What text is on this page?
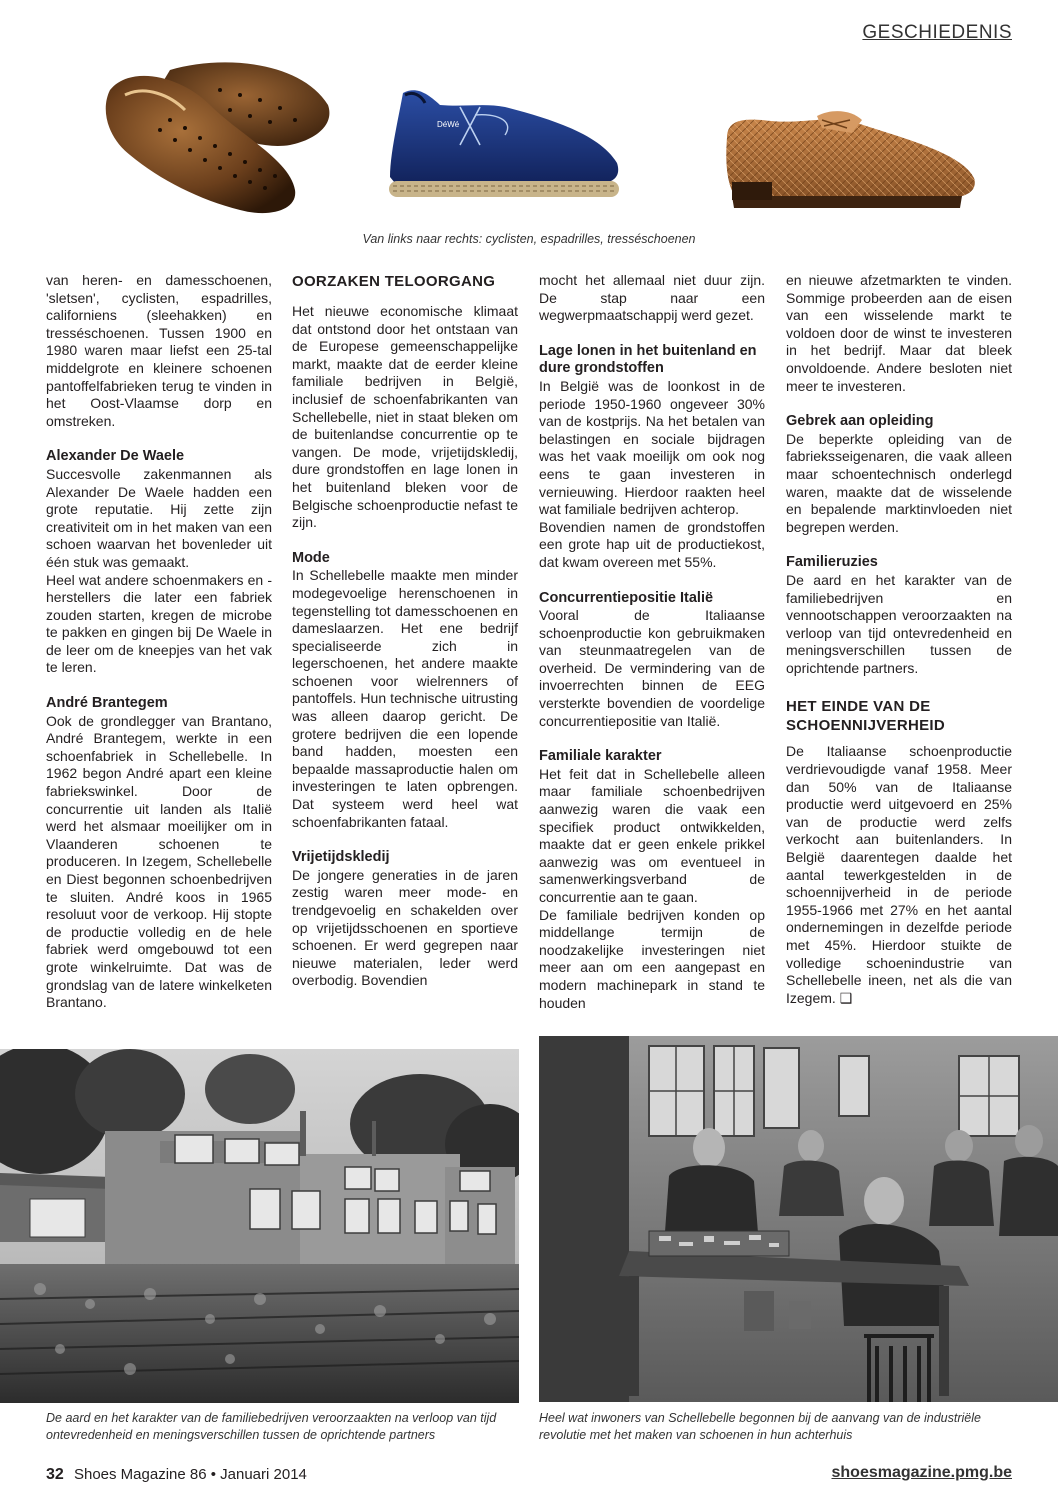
GESCHIEDENIS
DéWé
Van links naar rechts: cyclisten, espadrilles, tresséschoenen

van heren- en damesschoenen, 'sletsen', cyclisten, espadrilles, californiens (sleehakken) en tresséschoenen. Tussen 1900 en 1980 waren maar liefst een 25-tal middelgrote en kleinere schoenen pantoffelfabrieken terug te vinden in het Oost-Vlaamse dorp en omstreken.

Alexander De Waele

Succesvolle zakenmannen als Alexander De Waele hadden een grote reputatie. Hij zette zijn creativiteit om in het maken van een schoen waarvan het bovenleder uit één stuk was gemaakt.

Heel wat andere schoenmakers en -herstellers die later een fabriek zouden starten, kregen de microbe te pakken en gingen bij De Waele in de leer om de kneepjes van het vak te leren.

André Brantegem

Ook de grondlegger van Brantano, André Brantegem, werkte in een schoenfabriek in Schellebelle. In 1962 begon André apart een kleine fabriekswinkel. Door de concurrentie uit landen als Italië werd het alsmaar moeilijker om in Vlaanderen schoenen te produceren. In Izegem, Schellebelle en Diest begonnen schoenbedrijven te sluiten. André koos in 1965 resoluut voor de verkoop. Hij stopte de productie volledig en de hele fabriek werd omgebouwd tot een grote winkelruimte. Dat was de grondslag van de latere winkelketen Brantano.

OORZAKEN TELOORGANG

Het nieuwe economische klimaat dat ontstond door het ontstaan van de Europese gemeenschappelijke markt, maakte dat de eerder kleine familiale bedrijven in België, inclusief de schoenfabrikanten van Schellebelle, niet in staat bleken om de buitenlandse concurrentie op te vangen. De mode, vrijetijdskledij, dure grondstoffen en lage lonen in het buitenland bleken voor de Belgische schoenproductie nefast te zijn.

Mode

In Schellebelle maakte men minder modegevoelige herenschoenen in tegenstelling tot damesschoenen en dameslaarzen. Het ene bedrijf specialiseerde zich in legerschoenen, het andere maakte schoenen voor wielrenners of pantoffels. Hun technische uitrusting was alleen daarop gericht. De grotere bedrijven die een lopende band hadden, moesten een bepaalde massaproductie halen om investeringen te laten opbrengen. Dat systeem werd heel wat schoenfabrikanten fataal.

Vrijetijdskledij

De jongere generaties in de jaren zestig waren meer mode- en trendgevoelig en schakelden over op vrijetijdsschoenen en sportieve schoenen. Er werd gegrepen naar nieuwe materialen, leder werd overbodig. Bovendien

mocht het allemaal niet duur zijn. De stap naar een wegwerpmaatschappij werd gezet.

Lage lonen in het buitenland en dure grondstoffen

In België was de loonkost in de periode 1950-1960 ongeveer 30% van de kostprijs. Na het betalen van belastingen en sociale bijdragen was het vaak moeilijk om ook nog eens te gaan investeren in vernieuwing. Hierdoor raakten heel wat familiale bedrijven achterop.

Bovendien namen de grondstoffen een grote hap uit de productiekost, dat kwam overeen met 55%.

Concurrentiepositie Italië

Vooral de Italiaanse schoenproductie kon gebruikmaken van steunmaatregelen van de overheid. De vermindering van de invoerrechten binnen de EEG versterkte bovendien de voordelige concurrentiepositie van Italië.

Familiale karakter

Het feit dat in Schellebelle alleen maar familiale schoenbedrijven aanwezig waren die vaak een specifiek product ontwikkelden, maakte dat er geen enkele prikkel aanwezig was om eventueel in samenwerkingsverband de concurrentie aan te gaan.

De familiale bedrijven konden op middellange termijn de noodzakelijke investeringen niet meer aan om een aangepast en modern machinepark in stand te houden

en nieuwe afzetmarkten te vinden. Sommige probeerden aan de eisen van een wisselende markt te voldoen door de winst te investeren in het bedrijf. Maar dat bleek onvoldoende. Andere besloten niet meer te investeren.

Gebrek aan opleiding

De beperkte opleiding van de fabrieksseigenaren, die vaak alleen maar schoentechnisch onderlegd waren, maakte dat de wisselende en bepalende marktinvloeden niet begrepen werden.

Familieruzies

De aard en het karakter van de familiebedrijven en vennootschappen veroorzaakten na verloop van tijd ontevredenheid en meningsverschillen tussen de oprichtende partners.

HET EINDE VAN DE SCHOENNIJVERHEID

De Italiaanse schoenproductie verdrievoudigde vanaf 1958. Meer dan 50% van de Italiaanse productie werd uitgevoerd en 25% van de productie werd zelfs verkocht aan buitenlanders. In België daarentegen daalde het aantal tewerkgestelden in de schoennijverheid in de periode 1955-1966 met 27% en het aantal ondernemingen in dezelfde periode met 45%. Hierdoor stuikte de volledige schoenindustrie van Schellebelle ineen, net als die van Izegem. ❑

De aard en het karakter van de familiebedrijven veroorzaakten na verloop van tijd ontevredenheid en meningsverschillen tussen de oprichtende partners
Heel wat inwoners van Schellebelle begonnen bij de aanvang van de industriële revolutie met het maken van schoenen in hun achterhuis
32 Shoes Magazine 86 • Januari 2014	shoesmagazine.pmg.be
